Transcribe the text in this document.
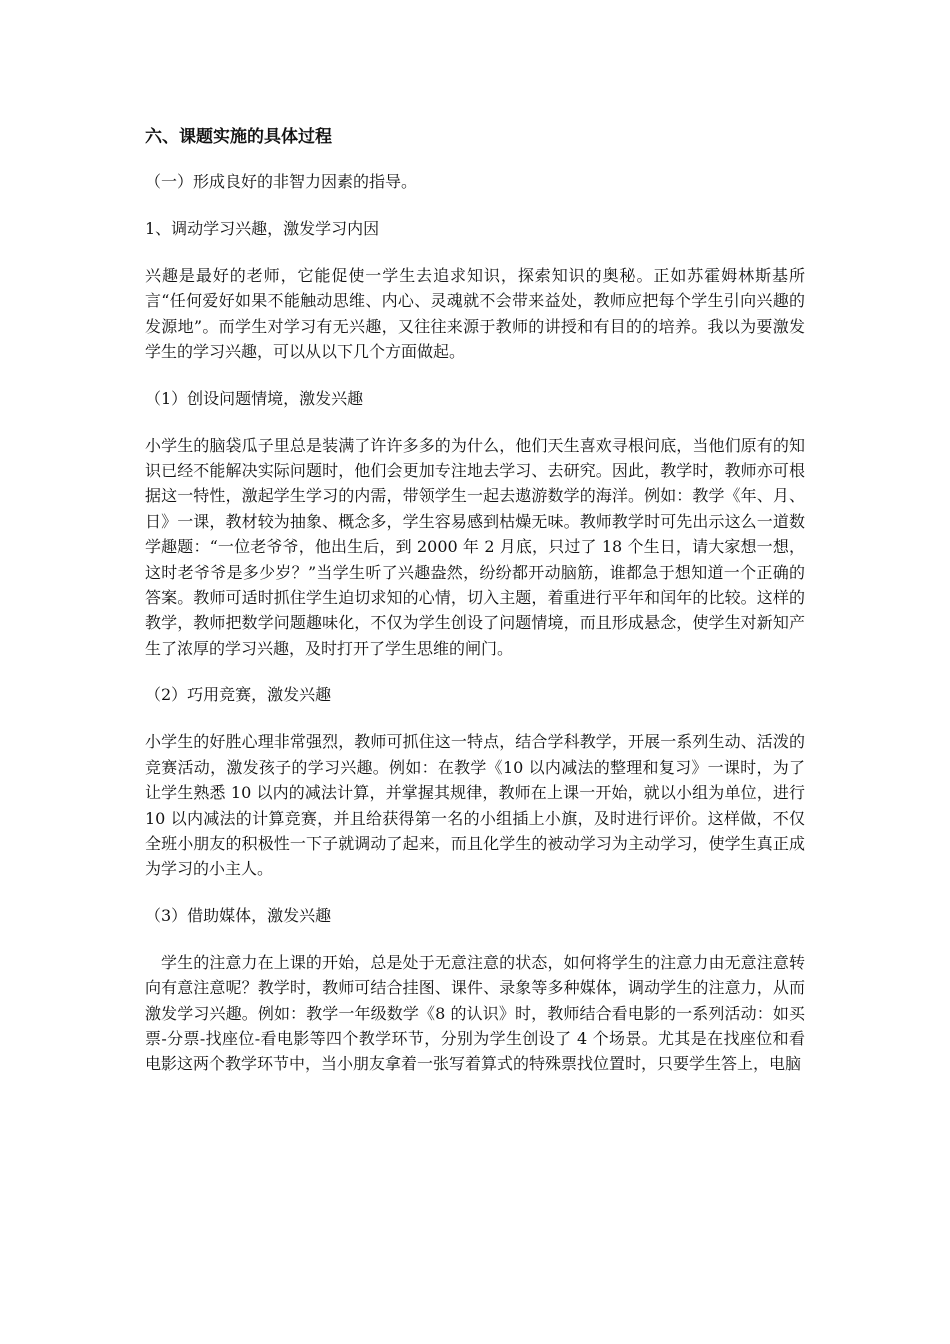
六、课题实施的具体过程

（一）形成良好的非智力因素的指导。

1、调动学习兴趣，激发学习内因

兴趣是最好的老师，它能促使一学生去追求知识，探索知识的奥秘。正如苏霍姆林斯基所言“任何爱好如果不能触动思维、内心、灵魂就不会带来益处，教师应把每个学生引向兴趣的发源地”。而学生对学习有无兴趣，又往往来源于教师的讲授和有目的的培养。我以为要激发学生的学习兴趣，可以从以下几个方面做起。

（1）创设问题情境，激发兴趣

小学生的脑袋瓜子里总是装满了许许多多的为什么，他们天生喜欢寻根问底，当他们原有的知识已经不能解决实际问题时，他们会更加专注地去学习、去研究。因此，教学时，教师亦可根据这一特性，激起学生学习的内需，带领学生一起去遨游数学的海洋。例如：教学《年、月、日》一课，教材较为抽象、概念多，学生容易感到枯燥无味。教师教学时可先出示这么一道数学趣题：“一位老爷爷，他出生后，到 2000 年 2 月底，只过了 18 个生日，请大家想一想，这时老爷爷是多少岁？”当学生听了兴趣盎然，纷纷都开动脑筋，谁都急于想知道一个正确的答案。教师可适时抓住学生迫切求知的心情，切入主题，着重进行平年和闰年的比较。这样的教学，教师把数学问题趣味化，不仅为学生创设了问题情境，而且形成悬念，使学生对新知产生了浓厚的学习兴趣，及时打开了学生思维的闸门。

（2）巧用竞赛，激发兴趣

小学生的好胜心理非常强烈，教师可抓住这一特点，结合学科教学，开展一系列生动、活泼的竞赛活动，激发孩子的学习兴趣。例如：在教学《10 以内减法的整理和复习》一课时，为了让学生熟悉 10 以内的减法计算，并掌握其规律，教师在上课一开始，就以小组为单位，进行 10 以内减法的计算竞赛，并且给获得第一名的小组插上小旗，及时进行评价。这样做，不仅全班小朋友的积极性一下子就调动了起来，而且化学生的被动学习为主动学习，使学生真正成为学习的小主人。

（3）借助媒体，激发兴趣

学生的注意力在上课的开始，总是处于无意注意的状态，如何将学生的注意力由无意注意转向有意注意呢？教学时，教师可结合挂图、课件、录象等多种媒体，调动学生的注意力，从而激发学习兴趣。例如：教学一年级数学《8 的认识》时，教师结合看电影的一系列活动：如买票-分票-找座位-看电影等四个教学环节，分别为学生创设了 4 个场景。尤其是在找座位和看电影这两个教学环节中，当小朋友拿着一张写着算式的特殊票找位置时，只要学生答上，电脑
